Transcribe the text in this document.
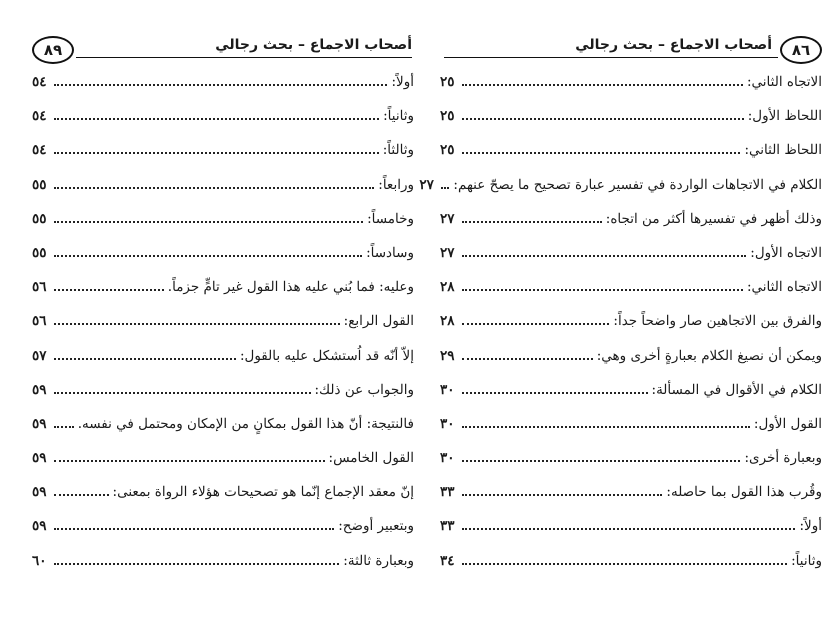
٨٦
أصحاب الاجماع – بحث رجالي
الاتجاه الثاني:
٢٥
اللحاظ الأول:
٢٥
اللحاظ الثاني:
٢٥
الكلام في الاتجاهات الواردة في تفسير عبارة تصحيح ما يصحّ عنهم:
٢٧
وذلك أظهر في تفسيرها أكثر من اتجاه:
٢٧
الاتجاه الأول:
٢٧
الاتجاه الثاني:
٢٨
والفرق بين الاتجاهين صار واضحاً جداً:
٢٨
ويمكن أن نصيغ الكلام بعبارةٍ أخرى وهي:
٢٩
الكلام في الأقوال في المسألة:
٣٠
القول الأول:
٣٠
وبعبارة أخرى:
٣٠
وقُرب هذا القول بما حاصله:
٣٣
أولاً:
٣٣
وثانياً:
٣٤
٨٩	أصحاب الاجماع – بحث رجالي
أولاً:
٥٤
وثانياً:
٥٤
وثالثاً:
٥٤
ورابعاً:
٥٥
وخامساً:
٥٥
وسادساً:
٥٥
وعليه: فما بُني عليه هذا القول غير تامٍّ جزماً.
٥٦
القول الرابع:
٥٦
إلاّ أنّه قد اُستشكل عليه بالقول:
٥٧
والجواب عن ذلك:
٥٩
فالنتيجة: أنّ هذا القول بمكانٍ من الإمكان ومحتمل في نفسه.
٥٩
القول الخامس:
٥٩
إنّ معقد الإجماع إنّما هو تصحيحات هؤلاء الرواة بمعنى:
٥٩
وبتعبير أوضح:
٥٩
وبعبارة ثالثة:
٦٠
